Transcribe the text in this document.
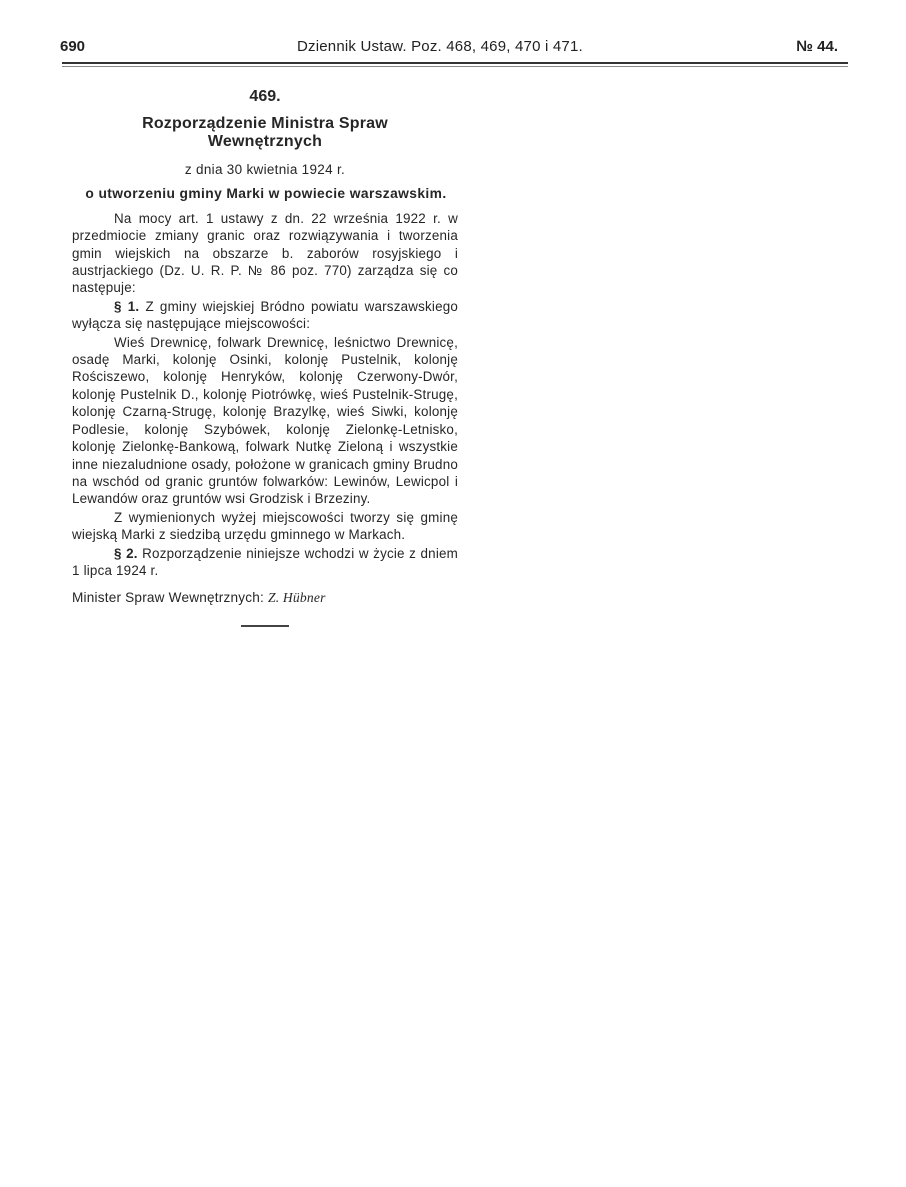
690	Dziennik Ustaw. Poz. 468, 469, 470 i 471.	№ 44.
469.
Rozporządzenie Ministra Spraw Wewnętrznych
z dnia 30 kwietnia 1924 r.
o utworzeniu gminy Marki w powiecie warszawskim.

Na mocy art. 1 ustawy z dn. 22 września 1922 r. w przedmiocie zmiany granic oraz rozwiązywania i tworzenia gmin wiejskich na obszarze b. zaborów rosyjskiego i austrjackiego (Dz. U. R. P. № 86 poz. 770) zarządza się co następuje:

§ 1. Z gminy wiejskiej Bródno powiatu warszawskiego wyłącza się następujące miejscowości:

Wieś Drewnicę, folwark Drewnicę, leśnictwo Drewnicę, osadę Marki, kolonję Osinki, kolonję Pustelnik, kolonję Rościszewo, kolonję Henryków, kolonję Czerwony-Dwór, kolonję Pustelnik D., kolonję Piotrówkę, wieś Pustelnik-Strugę, kolonję Czarną-Strugę, kolonję Brazylkę, wieś Siwki, kolonję Podlesie, kolonję Szybówek, kolonję Zielonkę-Letnisko, kolonję Zielonkę-Bankową, folwark Nutkę Zieloną i wszystkie inne niezaludnione osady, położone w granicach gminy Brudno na wschód od granic gruntów folwarków: Lewinów, Lewicpol i Lewandów oraz gruntów wsi Grodzisk i Brzeziny.

Z wymienionych wyżej miejscowości tworzy się gminę wiejską Marki z siedzibą urzędu gminnego w Markach.

§ 2. Rozporządzenie niniejsze wchodzi w życie z dniem 1 lipca 1924 r.

Minister Spraw Wewnętrznych: Z. Hübner
